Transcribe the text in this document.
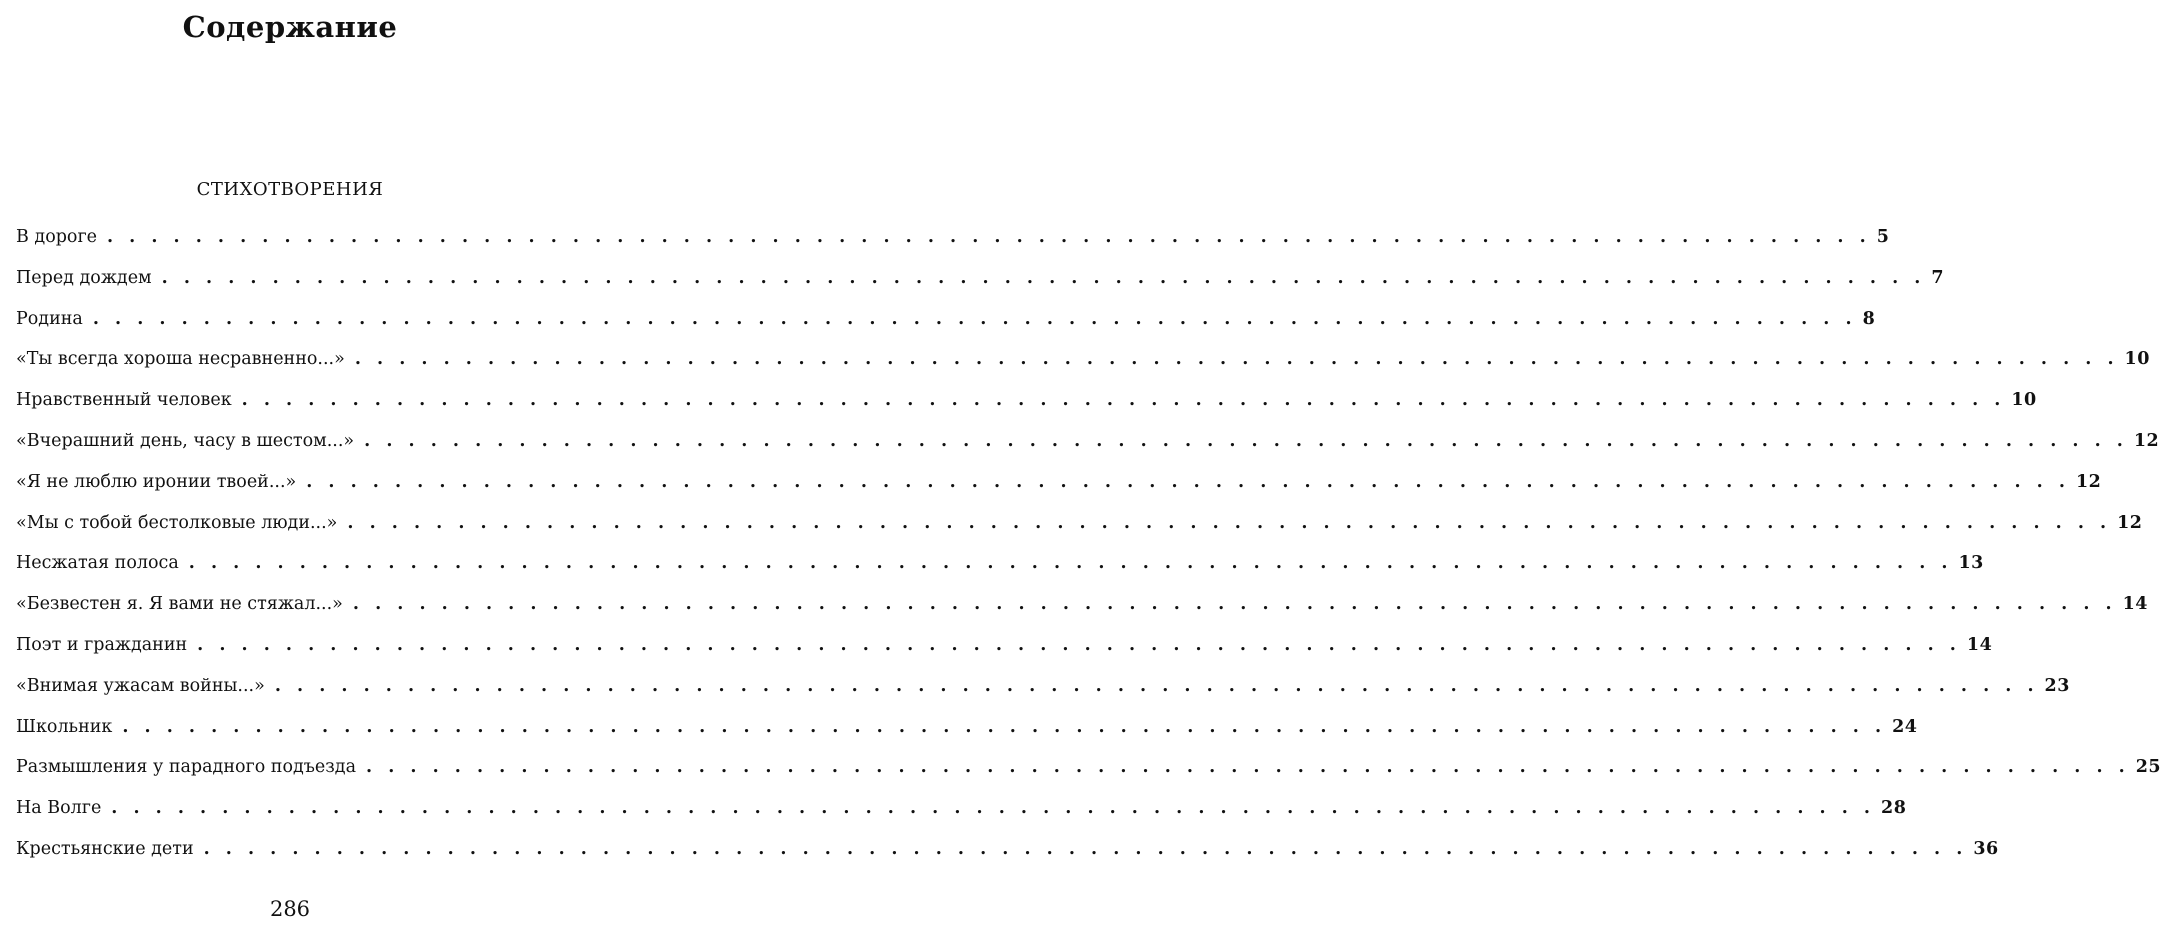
Содержание
СТИХОТВОРЕНИЯ
В дороге . . . . . . . . . . . . . . . . . . . . . . . . . . . . . . . . . . . . . . . . . . . . . . . . . . . . . . . . . . . . . . . . . . . . . . . . . . . . . . . . 5
Перед дождем . . . . . . . . . . . . . . . . . . . . . . . . . . . . . . . . . . . . . . . . . . . . . . . . . . . . . . . . . . . . . . . . . . . . . . . . . . . . . . . . 7
Родина . . . . . . . . . . . . . . . . . . . . . . . . . . . . . . . . . . . . . . . . . . . . . . . . . . . . . . . . . . . . . . . . . . . . . . . . . . . . . . . . 8
«Ты всегда хороша несравненно...» . . . . . . . . . . . . . . . . . . . . . . . . . . . . . . . . . . . . . . . . . . . . . . . . . . . . . . . . . . . . . . . . . . . . . . . . . . . . . . . . 10
Нравственный человек . . . . . . . . . . . . . . . . . . . . . . . . . . . . . . . . . . . . . . . . . . . . . . . . . . . . . . . . . . . . . . . . . . . . . . . . . . . . . . . . 10
«Вчерашний день, часу в шестом...» . . . . . . . . . . . . . . . . . . . . . . . . . . . . . . . . . . . . . . . . . . . . . . . . . . . . . . . . . . . . . . . . . . . . . . . . . . . . . . . . 12
«Я не люблю иронии твоей...» . . . . . . . . . . . . . . . . . . . . . . . . . . . . . . . . . . . . . . . . . . . . . . . . . . . . . . . . . . . . . . . . . . . . . . . . . . . . . . . . 12
«Мы с тобой бестолковые люди...» . . . . . . . . . . . . . . . . . . . . . . . . . . . . . . . . . . . . . . . . . . . . . . . . . . . . . . . . . . . . . . . . . . . . . . . . . . . . . . . . 12
Несжатая полоса . . . . . . . . . . . . . . . . . . . . . . . . . . . . . . . . . . . . . . . . . . . . . . . . . . . . . . . . . . . . . . . . . . . . . . . . . . . . . . . . 13
«Безвестен я. Я вами не стяжал...» . . . . . . . . . . . . . . . . . . . . . . . . . . . . . . . . . . . . . . . . . . . . . . . . . . . . . . . . . . . . . . . . . . . . . . . . . . . . . . . . 14
Поэт и гражданин . . . . . . . . . . . . . . . . . . . . . . . . . . . . . . . . . . . . . . . . . . . . . . . . . . . . . . . . . . . . . . . . . . . . . . . . . . . . . . . . 14
«Внимая ужасам войны...» . . . . . . . . . . . . . . . . . . . . . . . . . . . . . . . . . . . . . . . . . . . . . . . . . . . . . . . . . . . . . . . . . . . . . . . . . . . . . . . . 23
Школьник . . . . . . . . . . . . . . . . . . . . . . . . . . . . . . . . . . . . . . . . . . . . . . . . . . . . . . . . . . . . . . . . . . . . . . . . . . . . . . . . 24
Размышления у парадного подъезда . . . . . . . . . . . . . . . . . . . . . . . . . . . . . . . . . . . . . . . . . . . . . . . . . . . . . . . . . . . . . . . . . . . . . . . . . . . . . . . . 25
На Волге . . . . . . . . . . . . . . . . . . . . . . . . . . . . . . . . . . . . . . . . . . . . . . . . . . . . . . . . . . . . . . . . . . . . . . . . . . . . . . . . 28
Крестьянские дети . . . . . . . . . . . . . . . . . . . . . . . . . . . . . . . . . . . . . . . . . . . . . . . . . . . . . . . . . . . . . . . . . . . . . . . . . . . . . . . . 36
286
